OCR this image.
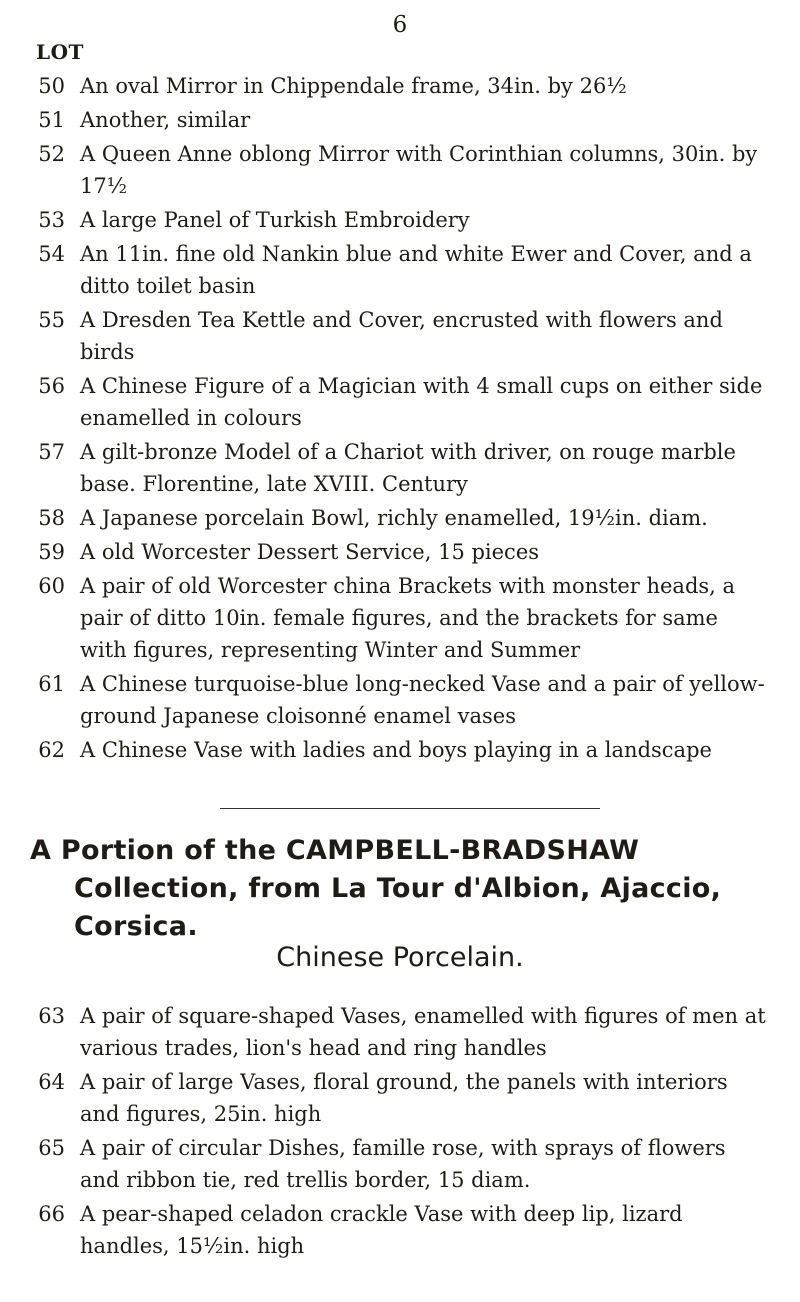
6
LOT
50 An oval Mirror in Chippendale frame, 34in. by 26½
51 Another, similar
52 A Queen Anne oblong Mirror with Corinthian columns, 30in. by 17½
53 A large Panel of Turkish Embroidery
54 An 11in. fine old Nankin blue and white Ewer and Cover, and a ditto toilet basin
55 A Dresden Tea Kettle and Cover, encrusted with flowers and birds
56 A Chinese Figure of a Magician with 4 small cups on either side enamelled in colours
57 A gilt-bronze Model of a Chariot with driver, on rouge marble base. Florentine, late XVIII. Century
58 A Japanese porcelain Bowl, richly enamelled, 19½in. diam.
59 A old Worcester Dessert Service, 15 pieces
60 A pair of old Worcester china Brackets with monster heads, a pair of ditto 10in. female figures, and the brackets for same with figures, representing Winter and Summer
61 A Chinese turquoise-blue long-necked Vase and a pair of yellow-ground Japanese cloisonné enamel vases
62 A Chinese Vase with ladies and boys playing in a landscape
A Portion of the CAMPBELL-BRADSHAW Collection, from La Tour d'Albion, Ajaccio, Corsica.
Chinese Porcelain.
63 A pair of square-shaped Vases, enamelled with figures of men at various trades, lion's head and ring handles
64 A pair of large Vases, floral ground, the panels with interiors and figures, 25in. high
65 A pair of circular Dishes, famille rose, with sprays of flowers and ribbon tie, red trellis border, 15 diam.
66 A pear-shaped celadon crackle Vase with deep lip, lizard handles, 15½in. high
